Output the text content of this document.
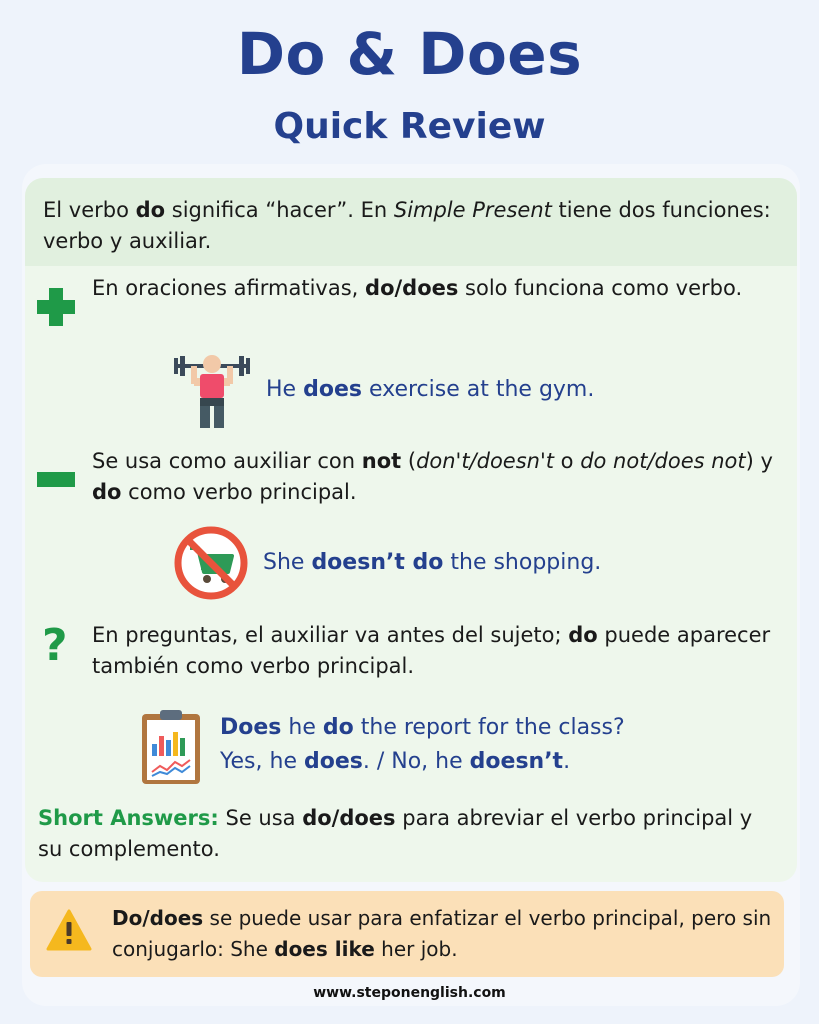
Do & Does
Quick Review
El verbo do significa “hacer”. En Simple Present tiene dos funciones: verbo y auxiliar.
En oraciones afirmativas, do/does solo funciona como verbo.
He does exercise at the gym.
Se usa como auxiliar con not (don't/doesn't o do not/does not) y do como verbo principal.
She doesn’t do the shopping.
? En preguntas, el auxiliar va antes del sujeto; do puede aparecer también como verbo principal.
Does he do the report for the class?
Yes, he does. / No, he doesn’t.
Short Answers: Se usa do/does para abreviar el verbo principal y su complemento.
Do/does se puede usar para enfatizar el verbo principal, pero sin conjugarlo: She does like her job.
www.steponenglish.com
